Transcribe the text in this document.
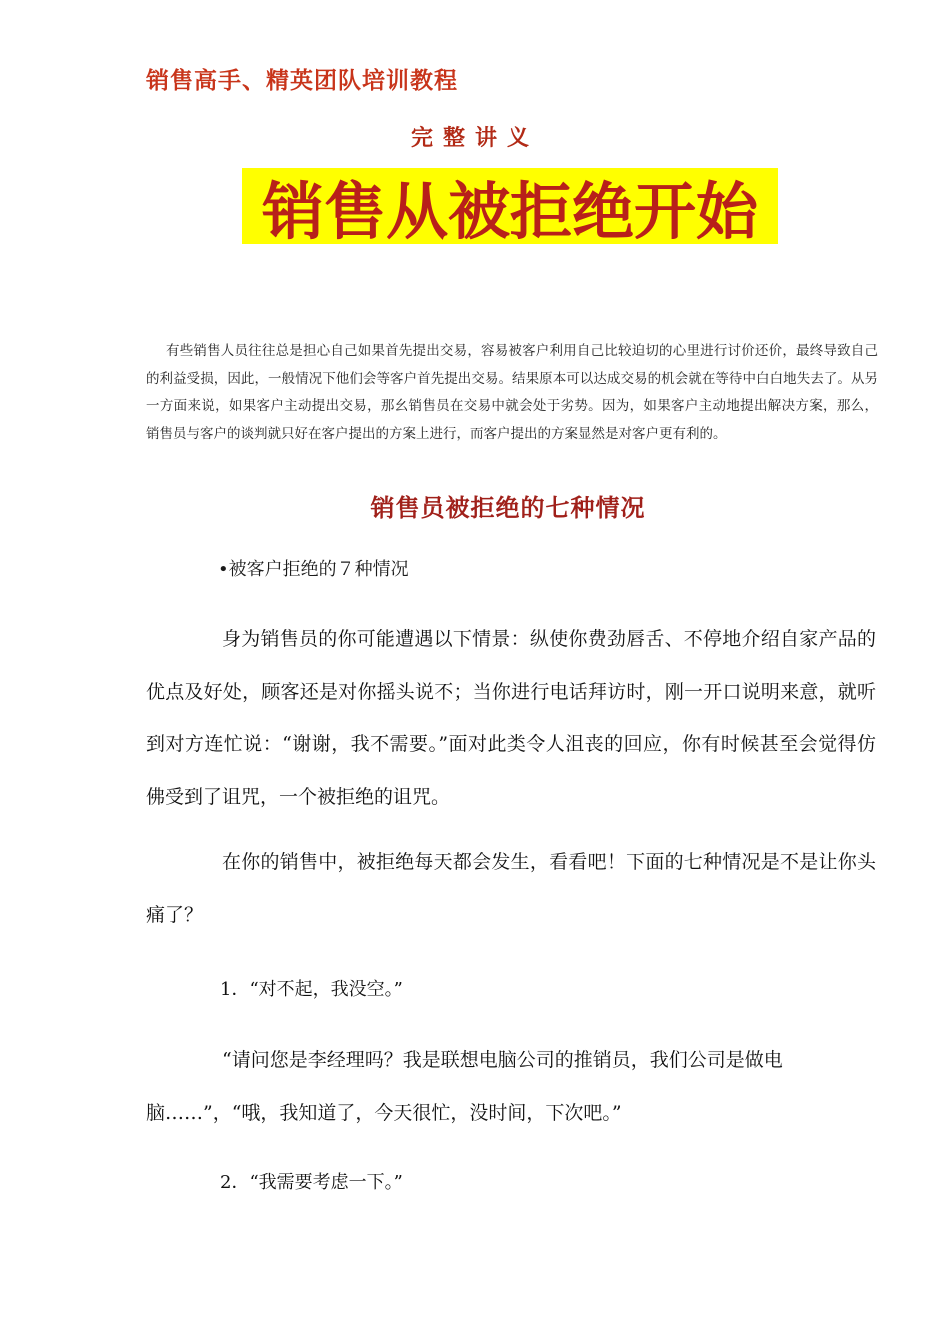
销售高手、精英团队培训教程
完整讲义
销售从被拒绝开始
有些销售人员往往总是担心自己如果首先提出交易，容易被客户利用自己比较迫切的心里进行讨价还价，最终导致自己的利益受损，因此，一般情况下他们会等客户首先提出交易。结果原本可以达成交易的机会就在等待中白白地失去了。从另一方面来说，如果客户主动提出交易，那幺销售员在交易中就会处于劣势。因为，如果客户主动地提出解决方案，那么， 销售员与客户的谈判就只好在客户提出的方案上进行，而客户提出的方案显然是对客户更有利的。
销售员被拒绝的七种情况
•被客户拒绝的７种情况
身为销售员的你可能遭遇以下情景：纵使你费劲唇舌、不停地介绍自家产品的优点及好处，顾客还是对你摇头说不；当你进行电话拜访时，刚一开口说明来意，就听到对方连忙说：“谢谢，我不需要。”面对此类令人沮丧的回应，你有时候甚至会觉得仿佛受到了诅咒，一个被拒绝的诅咒。
在你的销售中，被拒绝每天都会发生，看看吧！下面的七种情况是不是让你头痛了？
1．“对不起，我没空。”
“请问您是李经理吗？我是联想电脑公司的推销员，我们公司是做电脑……”，“哦，我知道了，今天很忙，没时间，下次吧。”
2．“我需要考虑一下。”
